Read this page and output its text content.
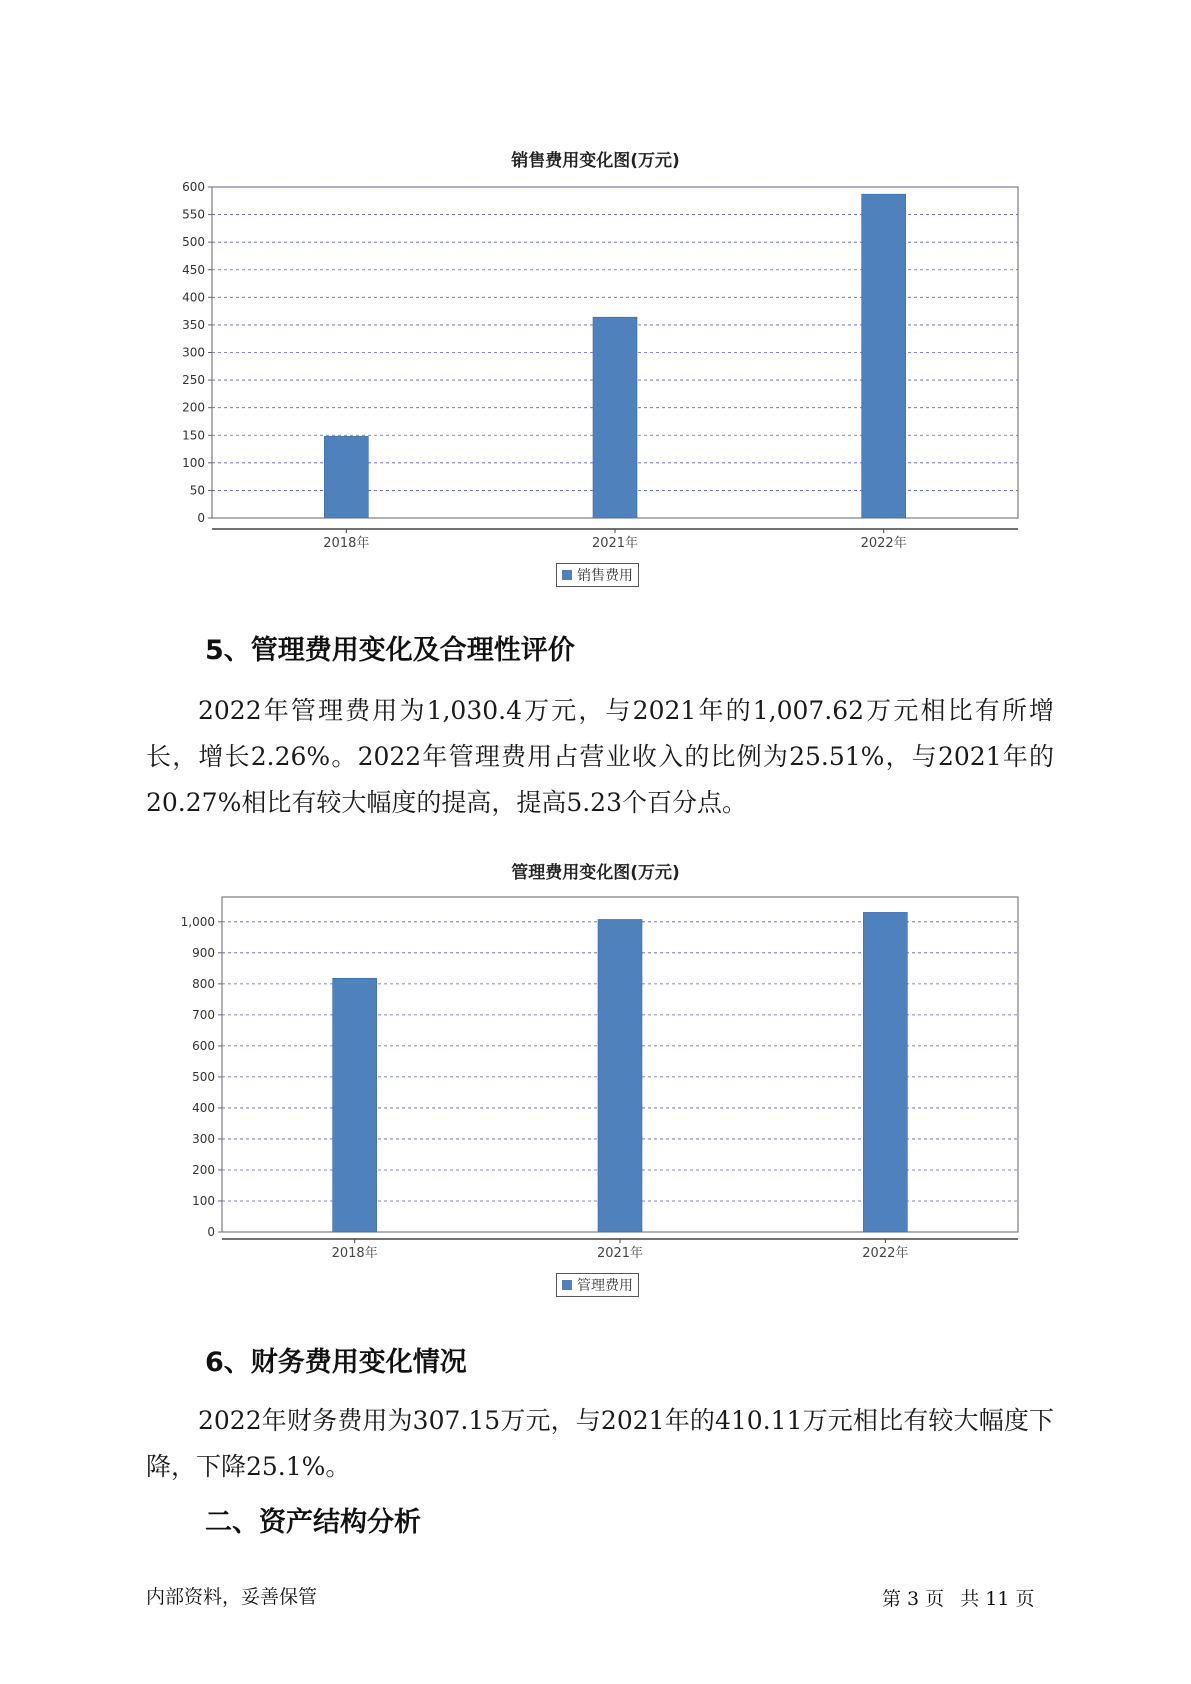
销售费用变化图(万元)
0
50
100
150
200
250
300
350
400
450
500
550
600
2018年	2021年	2022年
销售费用
5、管理费用变化及合理性评价

2022年管理费用为1,030.4万元，与2021年的1,007.62万元相比有所增长，增长2.26%。2022年管理费用占营业收入的比例为25.51%，与2021年的20.27%相比有较大幅度的提高，提高5.23个百分点。

管理费用变化图(万元)
0
100
200
300
400
500
600
700
800
900
1,000
2018年	2021年	2022年
管理费用
6、财务费用变化情况

2022年财务费用为307.15万元，与2021年的410.11万元相比有较大幅度下降，下降25.1%。

二、资产结构分析
内部资料，妥善保管	第 3 页 共 11 页
